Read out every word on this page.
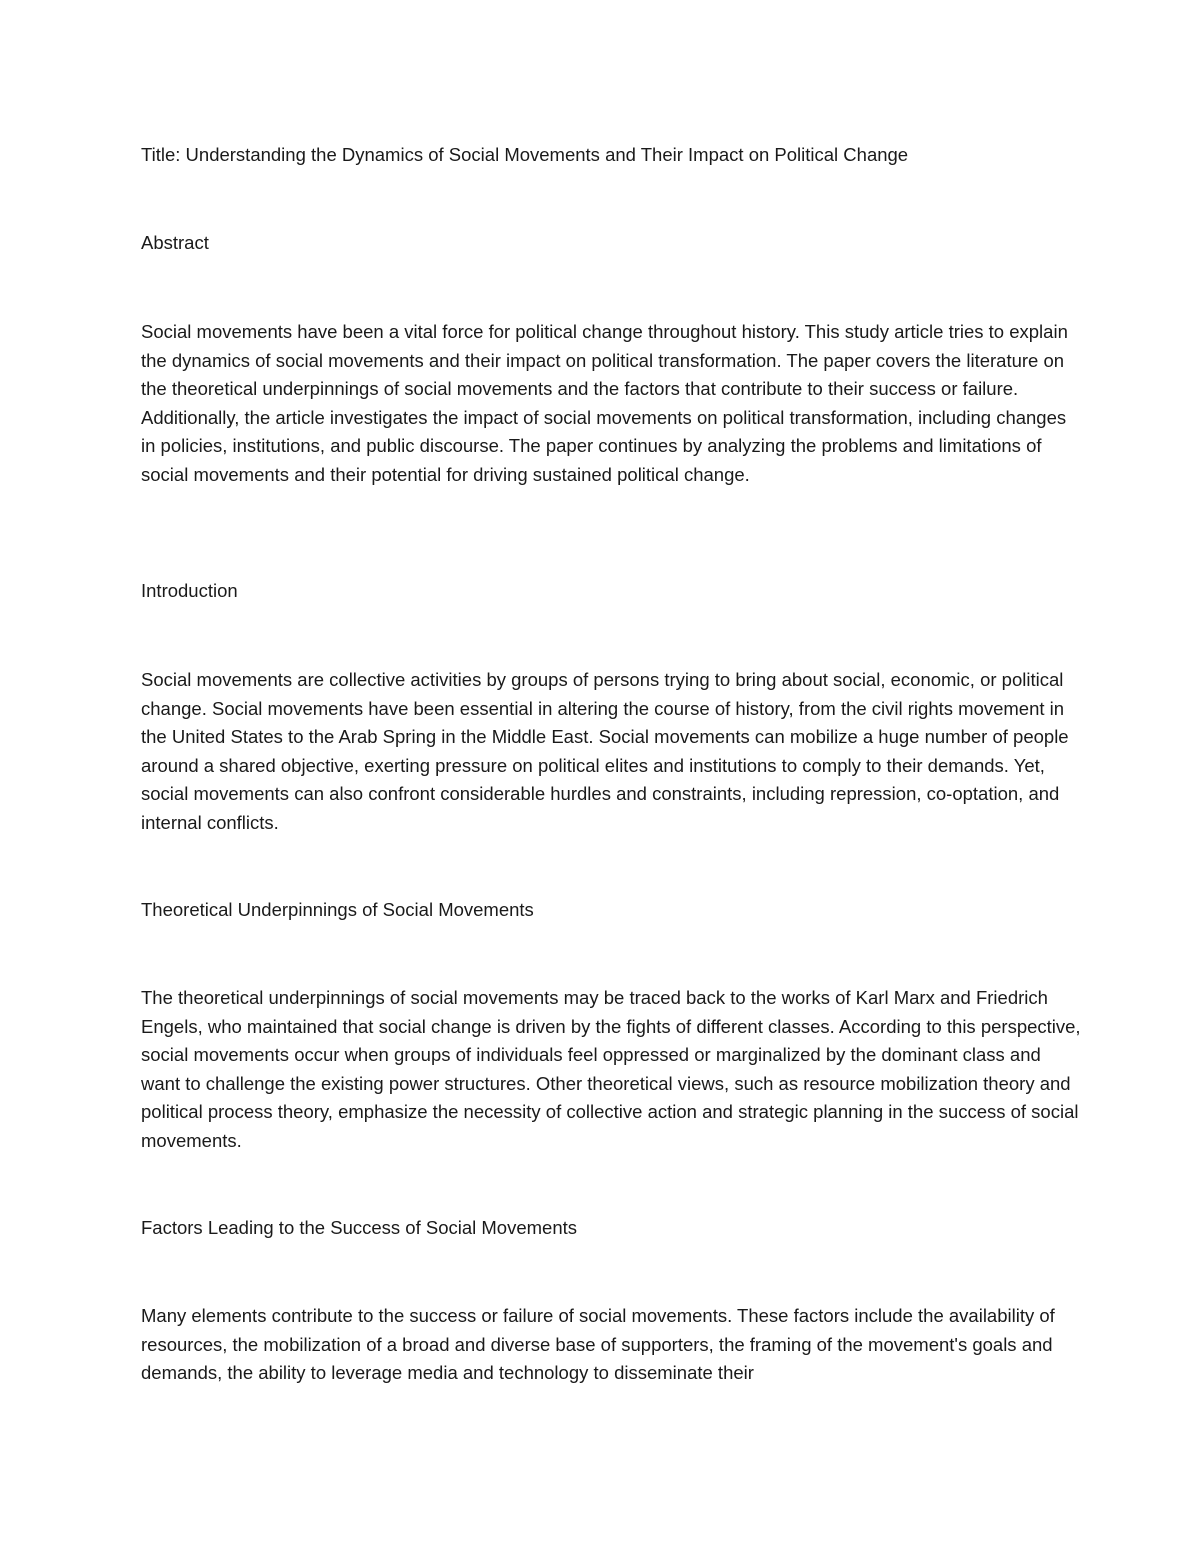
Title: Understanding the Dynamics of Social Movements and Their Impact on Political Change

Abstract

Social movements have been a vital force for political change throughout history. This study article tries to explain the dynamics of social movements and their impact on political transformation. The paper covers the literature on the theoretical underpinnings of social movements and the factors that contribute to their success or failure. Additionally, the article investigates the impact of social movements on political transformation, including changes in policies, institutions, and public discourse. The paper continues by analyzing the problems and limitations of social movements and their potential for driving sustained political change.

Introduction

Social movements are collective activities by groups of persons trying to bring about social, economic, or political change. Social movements have been essential in altering the course of history, from the civil rights movement in the United States to the Arab Spring in the Middle East. Social movements can mobilize a huge number of people around a shared objective, exerting pressure on political elites and institutions to comply to their demands. Yet, social movements can also confront considerable hurdles and constraints, including repression, co-optation, and internal conflicts.

Theoretical Underpinnings of Social Movements

The theoretical underpinnings of social movements may be traced back to the works of Karl Marx and Friedrich Engels, who maintained that social change is driven by the fights of different classes. According to this perspective, social movements occur when groups of individuals feel oppressed or marginalized by the dominant class and want to challenge the existing power structures. Other theoretical views, such as resource mobilization theory and political process theory, emphasize the necessity of collective action and strategic planning in the success of social movements.

Factors Leading to the Success of Social Movements

Many elements contribute to the success or failure of social movements. These factors include the availability of resources, the mobilization of a broad and diverse base of supporters, the framing of the movement's goals and demands, the ability to leverage media and technology to disseminate their
